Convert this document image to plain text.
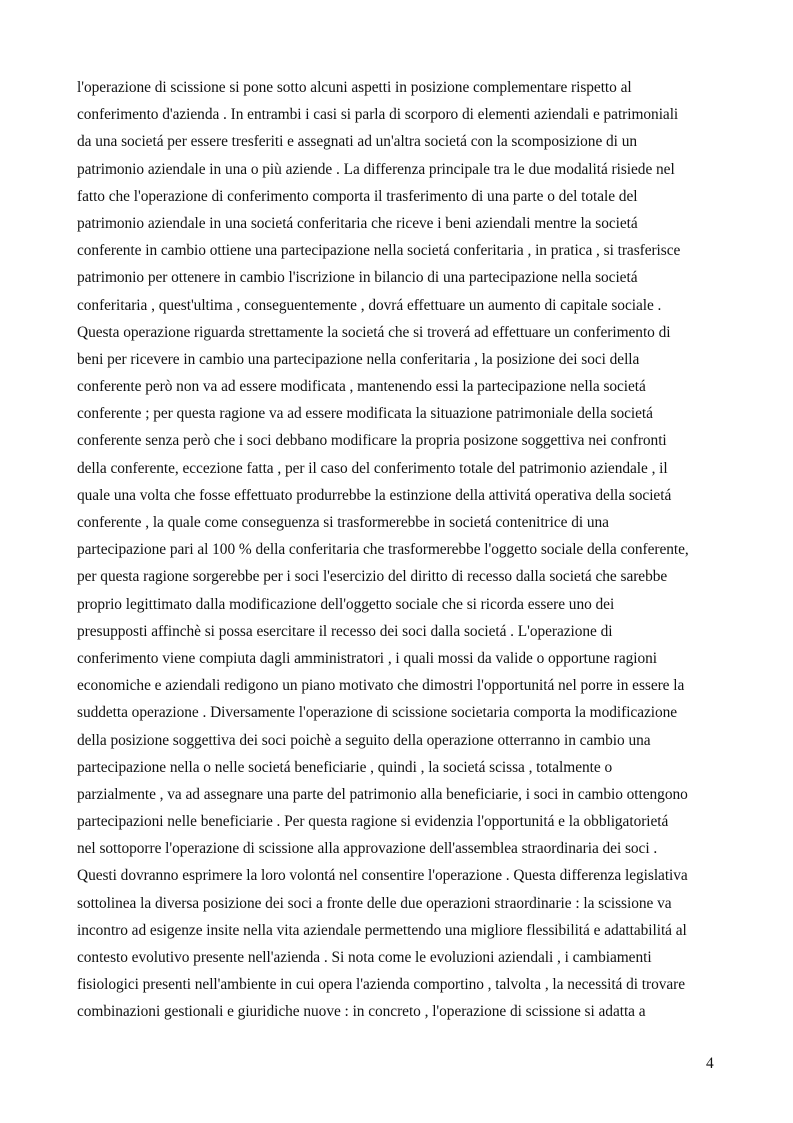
l'operazione di scissione si pone sotto alcuni aspetti in posizione complementare rispetto al
conferimento d'azienda . In entrambi i casi si parla di scorporo di elementi aziendali e patrimoniali
da una societá per essere tresferiti e assegnati ad un'altra societá con la scomposizione di un
patrimonio aziendale in una o più aziende . La differenza principale tra le due modalitá risiede nel
fatto che l'operazione di conferimento comporta il trasferimento di una parte o del totale del
patrimonio aziendale in una societá conferitaria che riceve i beni aziendali mentre la societá
conferente in cambio ottiene una partecipazione nella societá conferitaria , in pratica , si trasferisce
patrimonio per ottenere in cambio l'iscrizione in bilancio di una partecipazione nella societá
conferitaria , quest'ultima , conseguentemente , dovrá effettuare un aumento di capitale sociale .
Questa operazione riguarda strettamente la societá che si troverá ad effettuare un conferimento di
beni per ricevere in cambio una partecipazione nella conferitaria , la posizione dei soci della
conferente però non va ad essere modificata , mantenendo essi la partecipazione nella societá
conferente ; per questa ragione va ad essere modificata la situazione patrimoniale della societá
conferente senza però che i soci debbano modificare la propria posizone soggettiva nei confronti
della conferente, eccezione fatta , per il caso del conferimento totale del patrimonio aziendale , il
quale una volta che fosse effettuato produrrebbe la estinzione della attivitá operativa della societá
conferente , la quale come conseguenza si trasformerebbe in societá contenitrice di una
partecipazione pari al 100 % della conferitaria che trasformerebbe l'oggetto sociale della conferente,
per questa ragione sorgerebbe per i soci l'esercizio del diritto di recesso dalla societá che sarebbe
proprio legittimato dalla modificazione dell'oggetto sociale che si ricorda essere uno dei
presupposti affinchè si possa esercitare il recesso dei soci dalla societá . L'operazione di
conferimento viene compiuta dagli amministratori , i quali mossi da valide o opportune ragioni
economiche e aziendali redigono un piano motivato che dimostri l'opportunitá nel porre in essere la
suddetta operazione . Diversamente l'operazione di scissione societaria comporta la modificazione
della posizione soggettiva dei soci poichè a seguito della operazione otterranno in cambio una
partecipazione nella o nelle societá beneficiarie , quindi , la societá scissa , totalmente o
parzialmente , va ad assegnare una parte del patrimonio alla beneficiarie, i soci in cambio ottengono
partecipazioni nelle beneficiarie . Per questa ragione si evidenzia l'opportunitá e la obbligatorietá
nel sottoporre l'operazione di scissione alla approvazione dell'assemblea straordinaria dei soci .
Questi dovranno esprimere la loro volontá nel consentire l'operazione . Questa differenza legislativa
sottolinea la diversa posizione dei soci a fronte delle due operazioni straordinarie : la scissione va
incontro ad esigenze insite nella vita aziendale permettendo una migliore flessibilitá e adattabilitá al
contesto evolutivo presente nell'azienda . Si nota come le evoluzioni aziendali , i cambiamenti
fisiologici presenti nell'ambiente in cui opera l'azienda comportino , talvolta , la necessitá di trovare
combinazioni gestionali e giuridiche nuove : in concreto , l'operazione di scissione si adatta a
4
